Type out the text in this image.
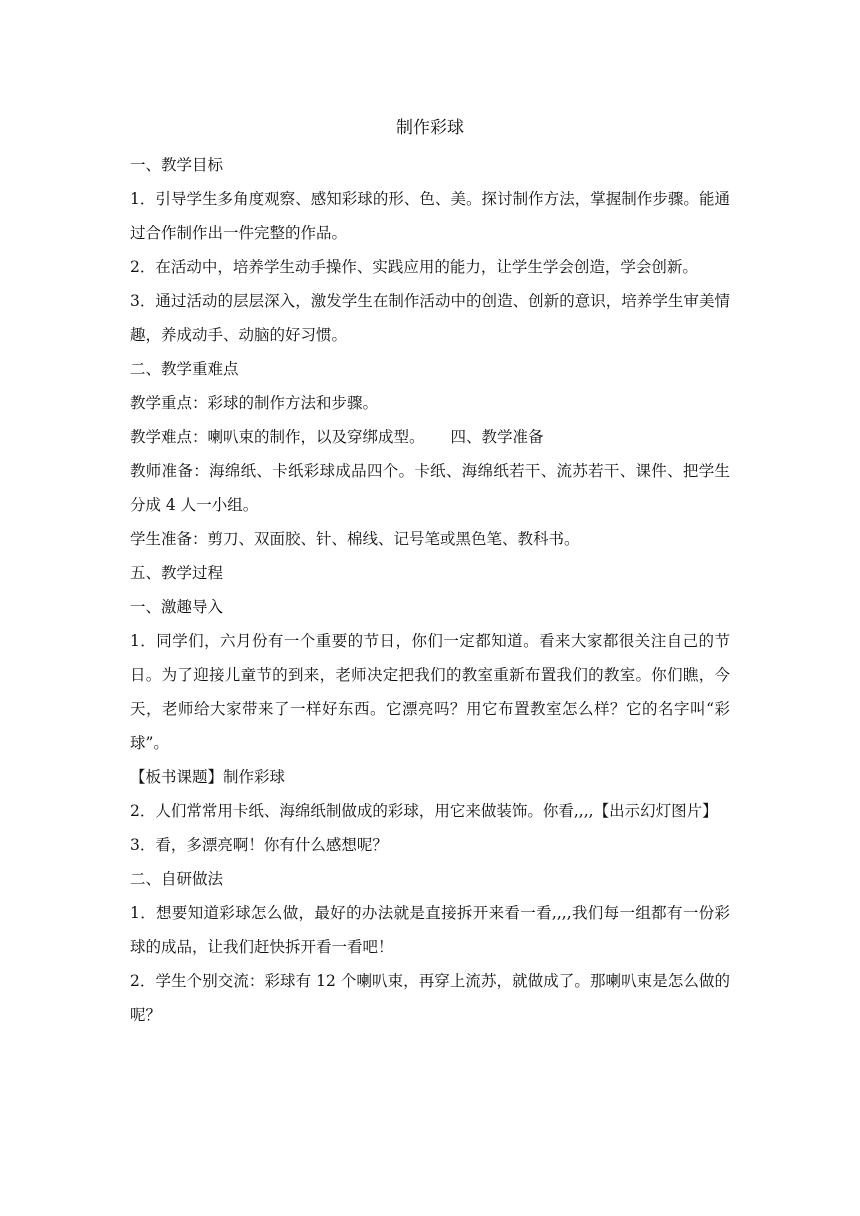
制作彩球

一、教学目标

1．引导学生多角度观察、感知彩球的形、色、美。探讨制作方法，掌握制作步骤。能通过合作制作出一件完整的作品。

2．在活动中，培养学生动手操作、实践应用的能力，让学生学会创造，学会创新。

3．通过活动的层层深入，激发学生在制作活动中的创造、创新的意识，培养学生审美情趣，养成动手、动脑的好习惯。

二、教学重难点

教学重点：彩球的制作方法和步骤。

教学难点：喇叭束的制作，以及穿绑成型。 四、教学准备

教师准备：海绵纸、卡纸彩球成品四个。卡纸、海绵纸若干、流苏若干、课件、把学生分成 4 人一小组。

学生准备：剪刀、双面胶、针、棉线、记号笔或黑色笔、教科书。

五、教学过程

一、激趣导入

1．同学们，六月份有一个重要的节日，你们一定都知道。看来大家都很关注自己的节日。为了迎接儿童节的到来，老师决定把我们的教室重新布置我们的教室。你们瞧，今天，老师给大家带来了一样好东西。它漂亮吗？用它布置教室怎么样？它的名字叫“彩球”。

【板书课题】制作彩球

2．人们常常用卡纸、海绵纸制做成的彩球，用它来做装饰。你看,,,,【出示幻灯图片】

3．看，多漂亮啊！你有什么感想呢？

二、自研做法

1．想要知道彩球怎么做，最好的办法就是直接拆开来看一看,,,,我们每一组都有一份彩球的成品，让我们赶快拆开看一看吧！

2．学生个别交流：彩球有 12 个喇叭束，再穿上流苏，就做成了。那喇叭束是怎么做的呢？
